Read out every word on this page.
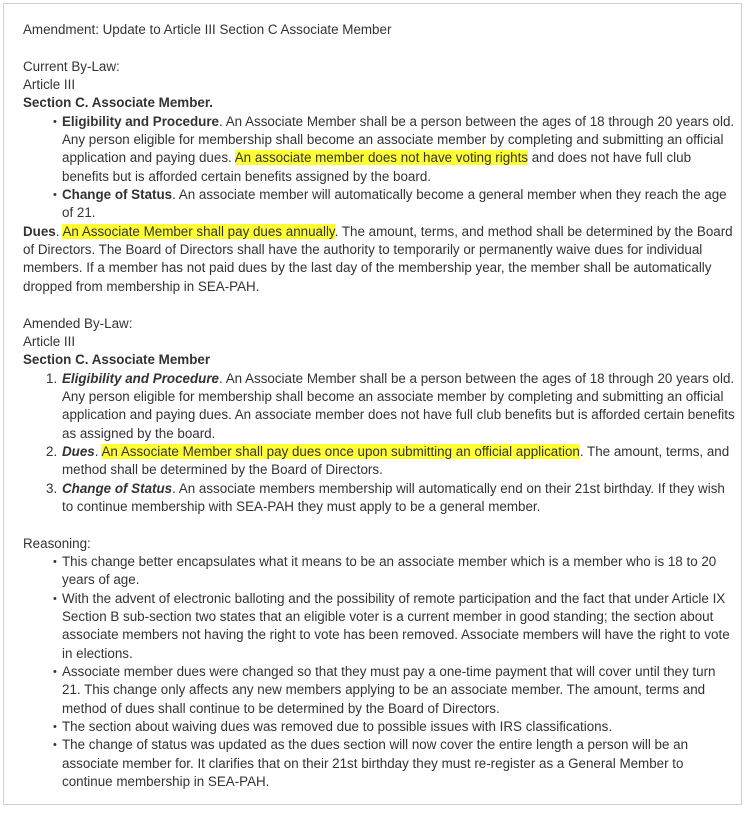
Amendment: Update to Article III Section C Associate Member
Current By-Law:
Article III
Section C. Associate Member.
• Eligibility and Procedure. An Associate Member shall be a person between the ages of 18 through 20 years old. Any person eligible for membership shall become an associate member by completing and submitting an official application and paying dues. An associate member does not have voting rights and does not have full club benefits but is afforded certain benefits assigned by the board.
• Change of Status. An associate member will automatically become a general member when they reach the age of 21.
Dues. An Associate Member shall pay dues annually. The amount, terms, and method shall be determined by the Board of Directors. The Board of Directors shall have the authority to temporarily or permanently waive dues for individual members. If a member has not paid dues by the last day of the membership year, the member shall be automatically dropped from membership in SEA-PAH.
Amended By-Law:
Article III
Section C. Associate Member
1. Eligibility and Procedure. An Associate Member shall be a person between the ages of 18 through 20 years old. Any person eligible for membership shall become an associate member by completing and submitting an official application and paying dues. An associate member does not have full club benefits but is afforded certain benefits as assigned by the board.
2. Dues. An Associate Member shall pay dues once upon submitting an official application. The amount, terms, and method shall be determined by the Board of Directors.
3. Change of Status. An associate members membership will automatically end on their 21st birthday. If they wish to continue membership with SEA-PAH they must apply to be a general member.
Reasoning:
• This change better encapsulates what it means to be an associate member which is a member who is 18 to 20 years of age.
• With the advent of electronic balloting and the possibility of remote participation and the fact that under Article IX Section B sub-section two states that an eligible voter is a current member in good standing; the section about associate members not having the right to vote has been removed. Associate members will have the right to vote in elections.
• Associate member dues were changed so that they must pay a one-time payment that will cover until they turn 21. This change only affects any new members applying to be an associate member. The amount, terms and method of dues shall continue to be determined by the Board of Directors.
• The section about waiving dues was removed due to possible issues with IRS classifications.
• The change of status was updated as the dues section will now cover the entire length a person will be an associate member for. It clarifies that on their 21st birthday they must re-register as a General Member to continue membership in SEA-PAH.
